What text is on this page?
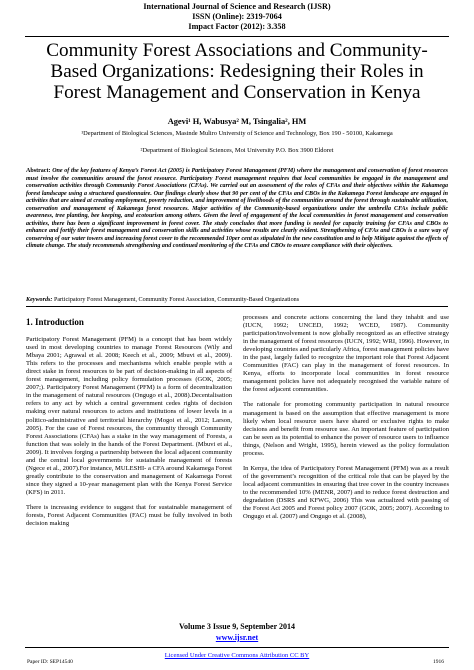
International Journal of Science and Research (IJSR)
ISSN (Online): 2319-7064
Impact Factor (2012): 3.358
Community Forest Associations and Community-Based Organizations: Redesigning their Roles in Forest Management and Conservation in Kenya
Agevi¹ H, Wabusya² M, Tsingalia², HM
¹Department of Biological Sciences, Masinde Muliro University of Science and Technology, Box 190 - 50100, Kakamega
²Department of Biological Sciences, Moi University P.O. Box 3900 Eldoret
Abstract: One of the key features of Kenya’s Forest Act (2005) is Participatory Forest Management (PFM) where the management and conservation of forest resources must involve the communities around the forest resource. Participatory Forest management requires that local communities be engaged in the management and conservation activities through Community Forest Associations (CFAs). We carried out an assessment of the roles of CFAs and their objectives within the Kakamega forest landscape using a structured questionnaire. Our findings clearly show that 90 per cent of the CFAs and CBOs in the Kakamega Forest landscape are engaged in activities that are aimed at creating employment, poverty reduction, and improvement of livelihoods of the communities around the forest through sustainable utilization, conservation and management of Kakamega forest resources. Major activities of the Community-based organizations under the umbrella CFAs include public awareness, tree planting, bee keeping, and ecotourism among others. Given the level of engagement of the local communities in forest management and conservation activities, there has been a significant improvement in forest cover. The study concludes that more funding is needed for capacity training for CFAs and CBOs to enhance and fortify their forest management and conservation skills and activities whose results are clearly evident. Strengthening of CFAs and CBOs is a sure way of conserving of our water towers and increasing forest cover to the recommended 10per cent as stipulated in the new constitution and to help Mitigate against the effects of climate change. The study recommends strengthening and continued monitoring of the CFAs and CBOs to ensure compliance with their objectives.
Keywords: Participatory Forest Management, Community Forest Association, Community-Based Organizations
1. Introduction

Participatory Forest Management (PFM) is a concept that has been widely used in most developing countries to manage Forest Resources (Wily and Mbaya 2001; Agrawal et al. 2008; Keech et al., 2009; Mbuvi et al., 2009). This refers to the processes and mechanisms which enable people with a direct stake in forest resources to be part of decision-making in all aspects of forest management, including policy formulation processes (GOK, 2005; 2007;). Participatory Forest Management (PFM) is a form of decentralization in the management of natural resources (Ongugo et al., 2008).Decentalisation refers to any act by which a central government cedes rights of decision making over natural resources to actors and institutions of lower levels in a politico-administrative and territorial hierarchy (Mogoi et al., 2012; Larson, 2005). For the case of Forest resources, the community through Community Forest Associations (CFAs) has a stake in the way management of Forests, a function that was solely in the hands of the Forest Department. (Mbuvi et al., 2009). It involves forging a partnership between the local adjacent community and the central local governments for sustainable management of forests (Ngece et al., 2007).For instance, MULESHI- a CFA around Kakamega Forest greatly contribute to the conservation and management of Kakamega Forest since they signed a 10-year management plan with the Kenya Forest Service (KFS) in 2011.

There is increasing evidence to suggest that for sustainable management of forests, Forest Adjacent Communities (FAC) must be fully involved in both decision making

processes and concrete actions concerning the land they inhabit and use (IUCN, 1992; UNCED, 1992; WCED, 1987). Community participation/involvement is now globally recognized as an effective strategy in the management of forest resources (IUCN, 1992; WRI, 1996). However, in developing countries and particularly Africa, forest management policies have in the past, largely failed to recognize the important role that Forest Adjacent Communities (FAC) can play in the management of forest resources. In Kenya, efforts to incorporate local communities in forest resource management policies have not adequately recognised the variable nature of the forest adjacent communities.

The rationale for promoting community participation in natural resource management is based on the assumption that effective management is more likely when local resource users have shared or exclusive rights to make decisions and benefit from resource use. An important feature of participation can be seen as its potential to enhance the power of resource users to influence things, (Nelson and Wright, 1995), herein viewed as the policy formulation process.

In Kenya, the idea of Participatory Forest Management (PFM) was as a result of the government’s recognition of the critical role that can be played by the local adjacent communities in ensuring that tree cover in the country increases to the recommended 10% (MENR, 2007) and to reduce forest destruction and degradation (DSRS and KFWG, 2006) This was actualized with passing of the Forest Act 2005 and Forest policy 2007 (GOK, 2005; 2007). According to Ongugo et al. (2007) and Ongugo et al. (2008),

Volume 3 Issue 9, September 2014
www.ijsr.net
Licensed Under Creative Commons Attribution CC BY
Paper ID: SEP14540	1916
